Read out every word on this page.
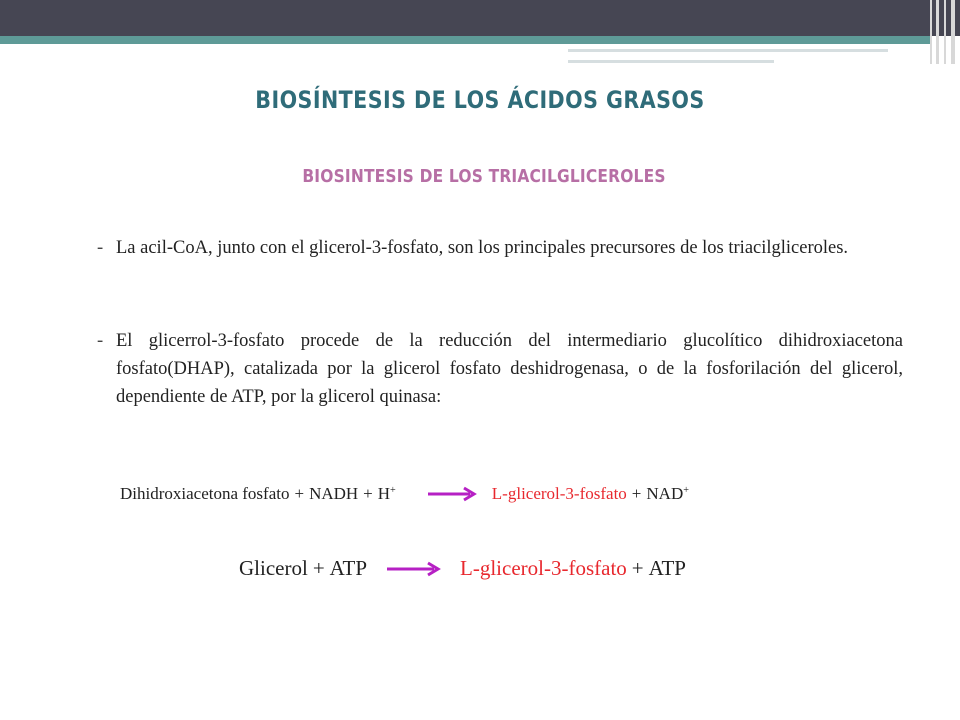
BIOSÍNTESIS DE LOS ÁCIDOS GRASOS
BIOSINTESIS DE LOS TRIACILGLICEROLES
- La acil-CoA, junto con el glicerol-3-fosfato, son los principales precursores de los triacilgliceroles.
- El glicerrol-3-fosfato procede de la reducción del intermediario glucolítico dihidroxiacetona fosfato(DHAP), catalizada por la glicerol fosfato deshidrogenasa, o de la fosforilación del glicerol, dependiente de ATP, por la glicerol quinasa:
Dihidroxiacetona fosfato + NADH + H+ → L-glicerol-3-fosfato + NAD+
Glicerol + ATP → L-glicerol-3-fosfato + ATP
